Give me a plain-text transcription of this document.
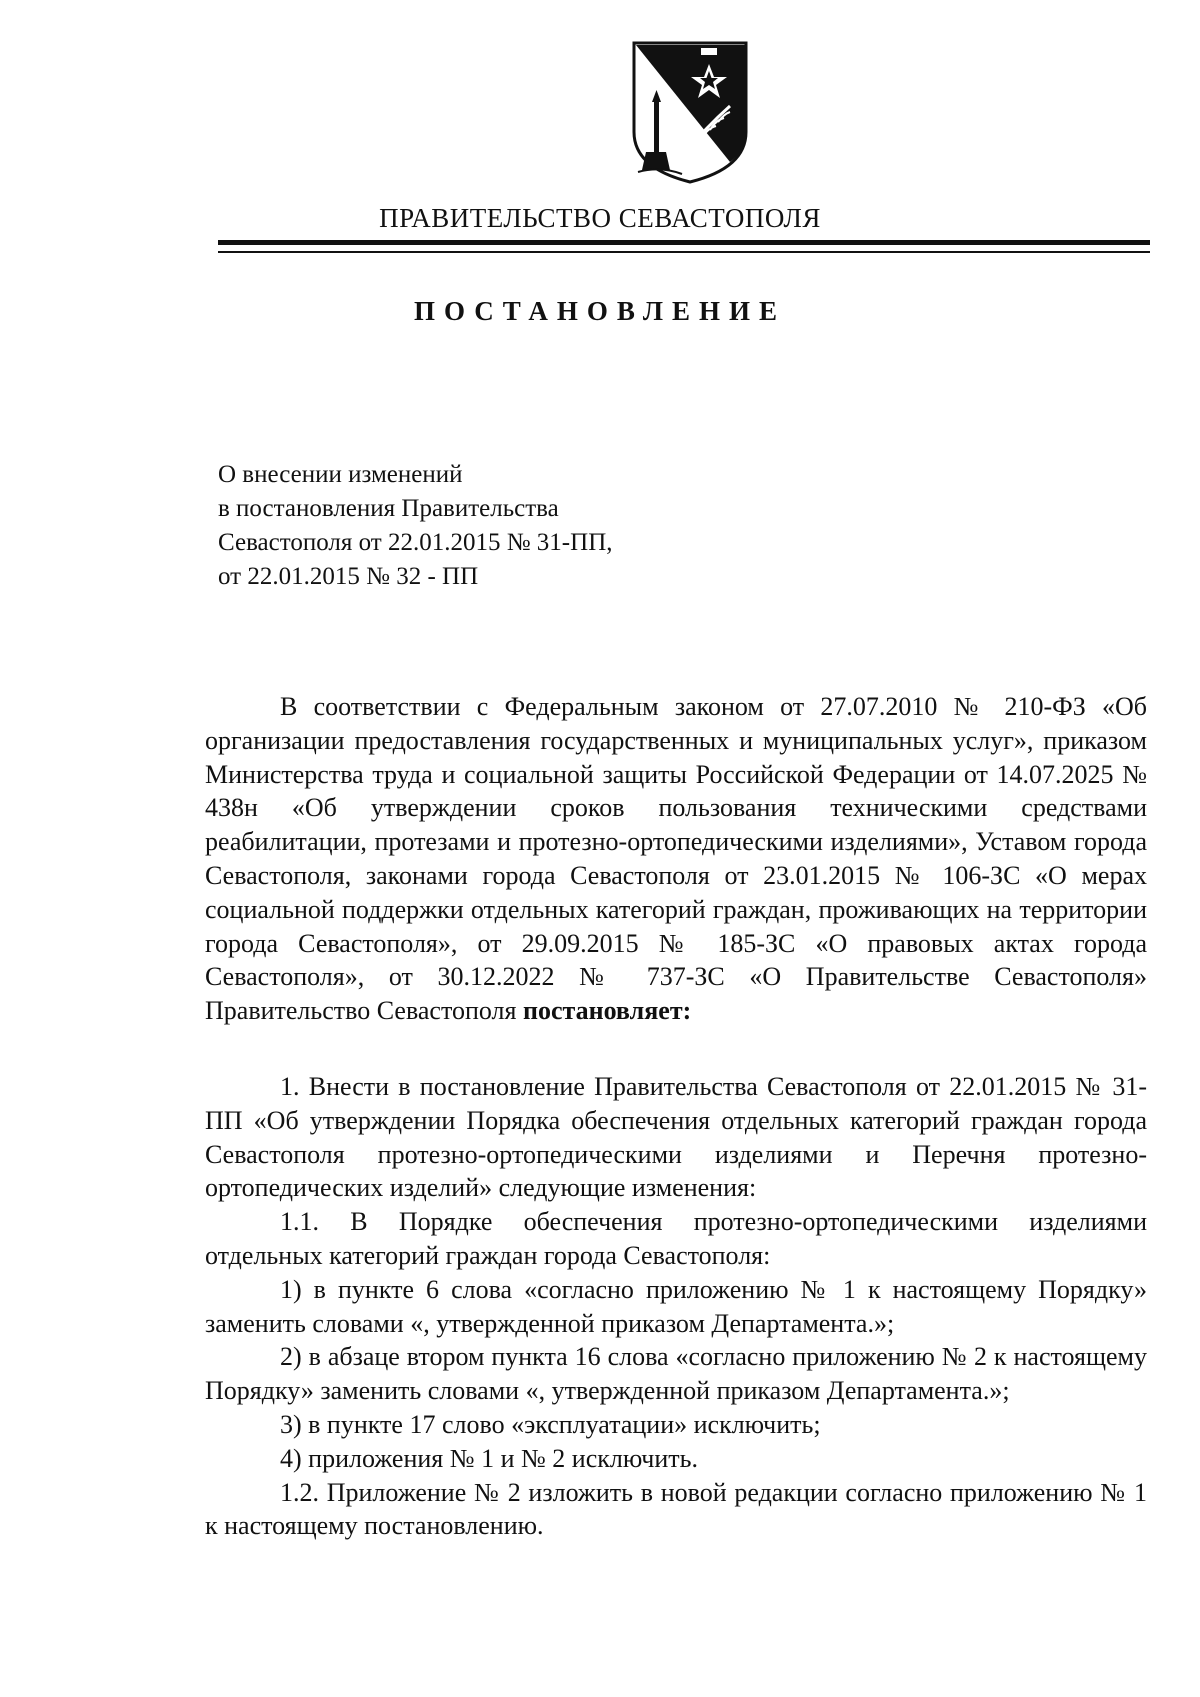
ПРАВИТЕЛЬСТВО СЕВАСТОПОЛЯ
ПОСТАНОВЛЕНИЕ
О внесении изменений
в постановления Правительства
Севастополя от 22.01.2015 № 31-ПП,
от 22.01.2015 № 32 - ПП

В соответствии с Федеральным законом от 27.07.2010 № 210-ФЗ «Об организации предоставления государственных и муниципальных услуг», приказом Министерства труда и социальной защиты Российской Федерации от 14.07.2025 № 438н «Об утверждении сроков пользования техническими средствами реабилитации, протезами и протезно-ортопедическими изделиями», Уставом города Севастополя, законами города Севастополя от 23.01.2015 № 106-ЗС «О мерах социальной поддержки отдельных категорий граждан, проживающих на территории города Севастополя», от 29.09.2015 № 185-ЗС «О правовых актах города Севастополя», от 30.12.2022 № 737-ЗС «О Правительстве Севастополя» Правительство Севастополя постановляет:

1. Внести в постановление Правительства Севастополя от 22.01.2015 № 31-ПП «Об утверждении Порядка обеспечения отдельных категорий граждан города Севастополя протезно-ортопедическими изделиями и Перечня протезно-ортопедических изделий» следующие изменения:

1.1. В Порядке обеспечения протезно-ортопедическими изделиями отдельных категорий граждан города Севастополя:

1) в пункте 6 слова «согласно приложению № 1 к настоящему Порядку» заменить словами «, утвержденной приказом Департамента.»;

2) в абзаце втором пункта 16 слова «согласно приложению № 2 к настоящему Порядку» заменить словами «, утвержденной приказом Департамента.»;

3) в пункте 17 слово «эксплуатации» исключить;

4) приложения № 1 и № 2 исключить.

1.2. Приложение № 2 изложить в новой редакции согласно приложению № 1 к настоящему постановлению.
